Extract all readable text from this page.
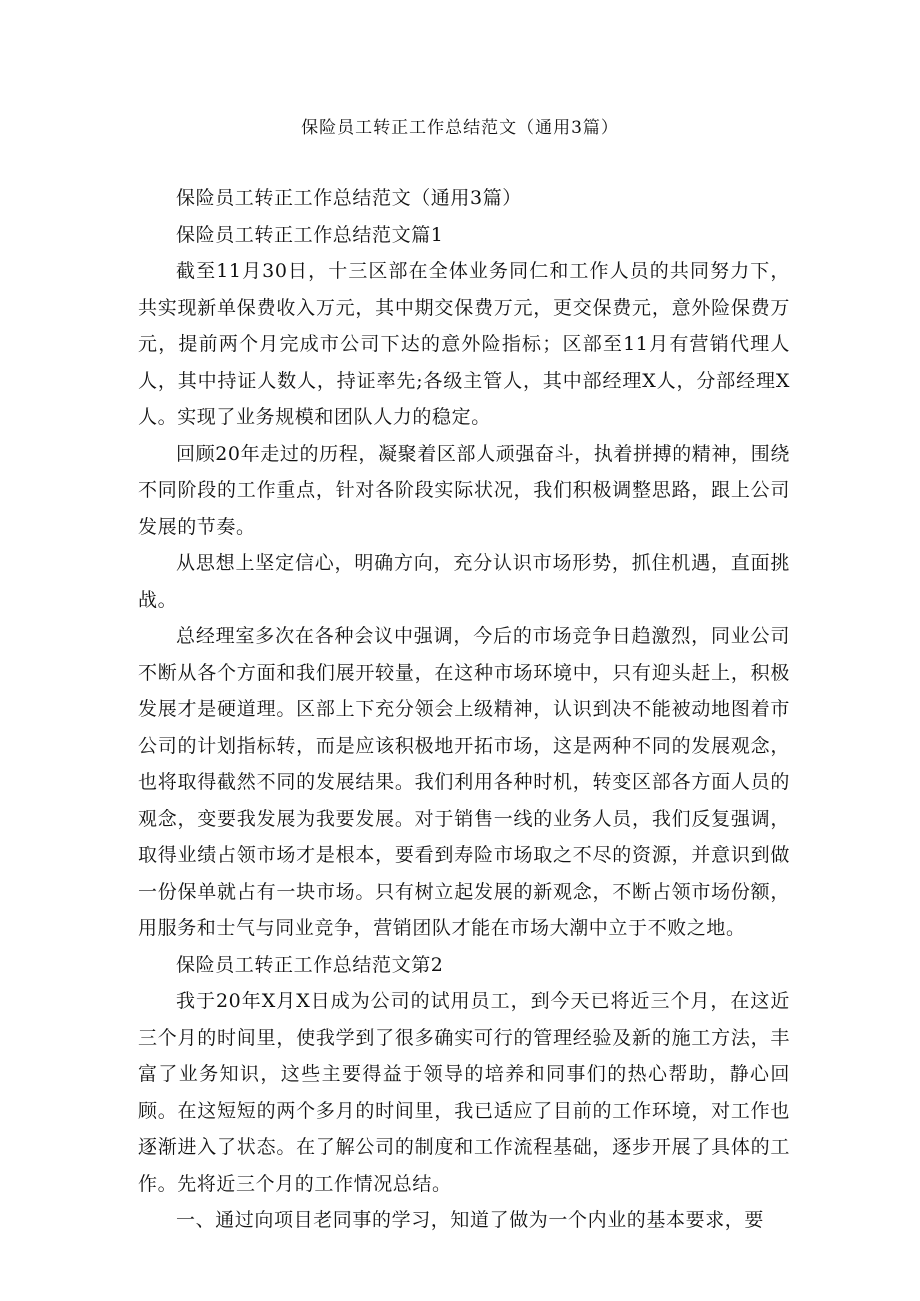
保险员工转正工作总结范文（通用3篇）

保险员工转正工作总结范文（通用3篇）

保险员工转正工作总结范文篇1

截至11月30日，十三区部在全体业务同仁和工作人员的共同努力下，共实现新单保费收入万元，其中期交保费万元，更交保费元，意外险保费万元，提前两个月完成市公司下达的意外险指标；区部至11月有营销代理人人，其中持证人数人，持证率先;各级主管人，其中部经理X人，分部经理X人。实现了业务规模和团队人力的稳定。

回顾20年走过的历程，凝聚着区部人顽强奋斗，执着拼搏的精神，围绕不同阶段的工作重点，针对各阶段实际状况，我们积极调整思路，跟上公司发展的节奏。

从思想上坚定信心，明确方向，充分认识市场形势，抓住机遇，直面挑战。

总经理室多次在各种会议中强调，今后的市场竞争日趋激烈，同业公司不断从各个方面和我们展开较量，在这种市场环境中，只有迎头赶上，积极发展才是硬道理。区部上下充分领会上级精神，认识到决不能被动地图着市公司的计划指标转，而是应该积极地开拓市场，这是两种不同的发展观念，也将取得截然不同的发展结果。我们利用各种时机，转变区部各方面人员的观念，变要我发展为我要发展。对于销售一线的业务人员，我们反复强调，取得业绩占领市场才是根本，要看到寿险市场取之不尽的资源，并意识到做一份保单就占有一块市场。只有树立起发展的新观念，不断占领市场份额，用服务和士气与同业竞争，营销团队才能在市场大潮中立于不败之地。

保险员工转正工作总结范文第2

我于20年X月X日成为公司的试用员工，到今天已将近三个月，在这近三个月的时间里，使我学到了很多确实可行的管理经验及新的施工方法，丰富了业务知识，这些主要得益于领导的培养和同事们的热心帮助，静心回顾。在这短短的两个多月的时间里，我已适应了目前的工作环境，对工作也逐渐进入了状态。在了解公司的制度和工作流程基础，逐步开展了具体的工作。先将近三个月的工作情况总结。

一、通过向项目老同事的学习，知道了做为一个内业的基本要求，要
